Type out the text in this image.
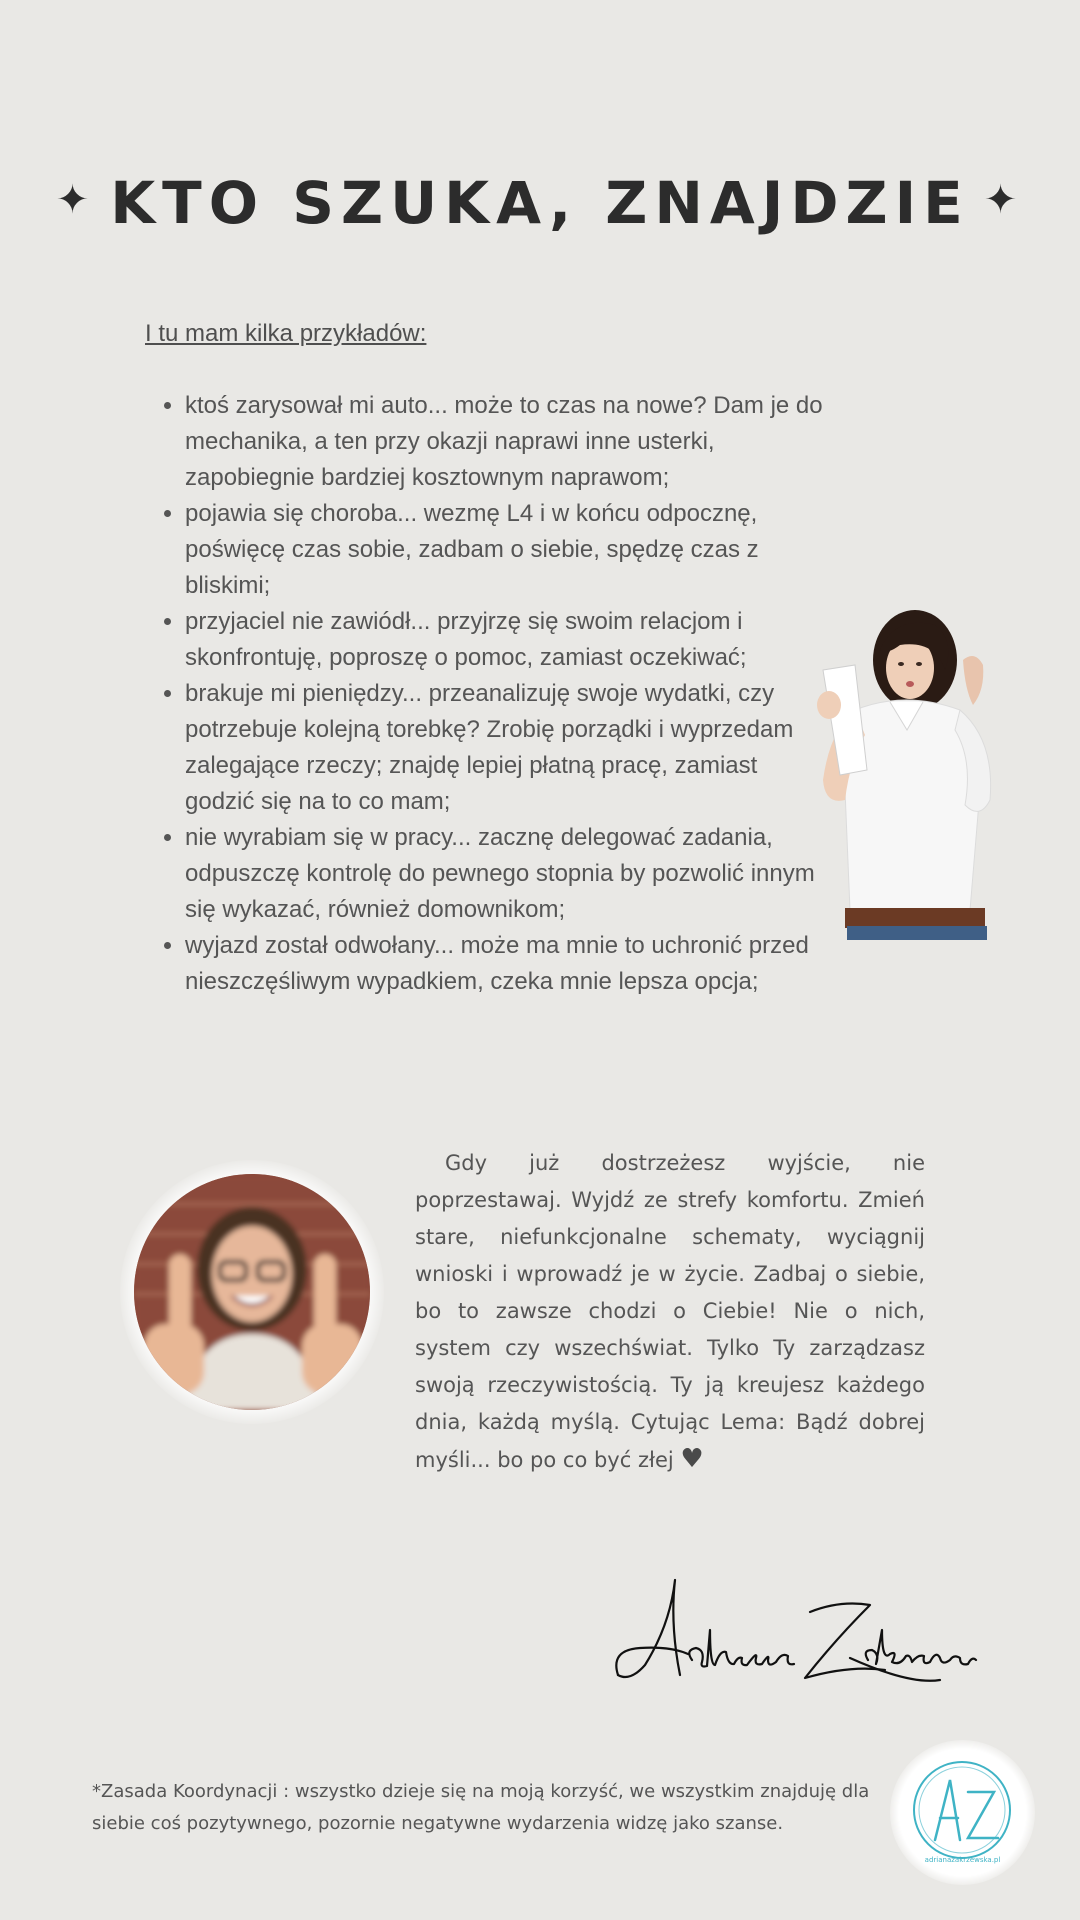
✦ KTO SZUKA, ZNAJDZIE ✦

I tu mam kilka przykładów:

• ktoś zarysował mi auto... może to czas na nowe? Dam je do mechanika, a ten przy okazji naprawi inne usterki, zapobiegnie bardziej kosztownym naprawom;
• pojawia się choroba... wezmę L4 i w końcu odpocznę, poświęcę czas sobie, zadbam o siebie, spędzę czas z bliskimi;
• przyjaciel nie zawiódł... przyjrzę się swoim relacjom i skonfrontuję, poproszę o pomoc, zamiast oczekiwać;
• brakuje mi pieniędzy... przeanalizuję swoje wydatki, czy potrzebuje kolejną torebkę? Zrobię porządki i wyprzedam zalegające rzeczy; znajdę lepiej płatną pracę, zamiast godzić się na to co mam;
• nie wyrabiam się w pracy... zacznę delegować zadania, odpuszczę kontrolę do pewnego stopnia by pozwolić innym się wykazać, również domownikom;
• wyjazd został odwołany... może ma mnie to uchronić przed nieszczęśliwym wypadkiem, czeka mnie lepsza opcja;

Gdy już dostrzeżesz wyjście, nie poprzestawaj. Wyjdź ze strefy komfortu. Zmień stare, niefunkcjonalne schematy, wyciągnij wnioski i wprowadź je w życie. Zadbaj o siebie, bo to zawsze chodzi o Ciebie! Nie o nich, system czy wszechświat. Tylko Ty zarządzasz swoją rzeczywistością. Ty ją kreujesz każdego dnia, każdą myślą. Cytując Lema: Bądź dobrej myśli... bo po co być złej ♥

*Zasada Koordynacji : wszystko dzieje się na moją korzyść, we wszystkim znajduję dla siebie coś pozytywnego, pozornie negatywne wydarzenia widzę jako szanse.

adrianazakrzewska.pl
